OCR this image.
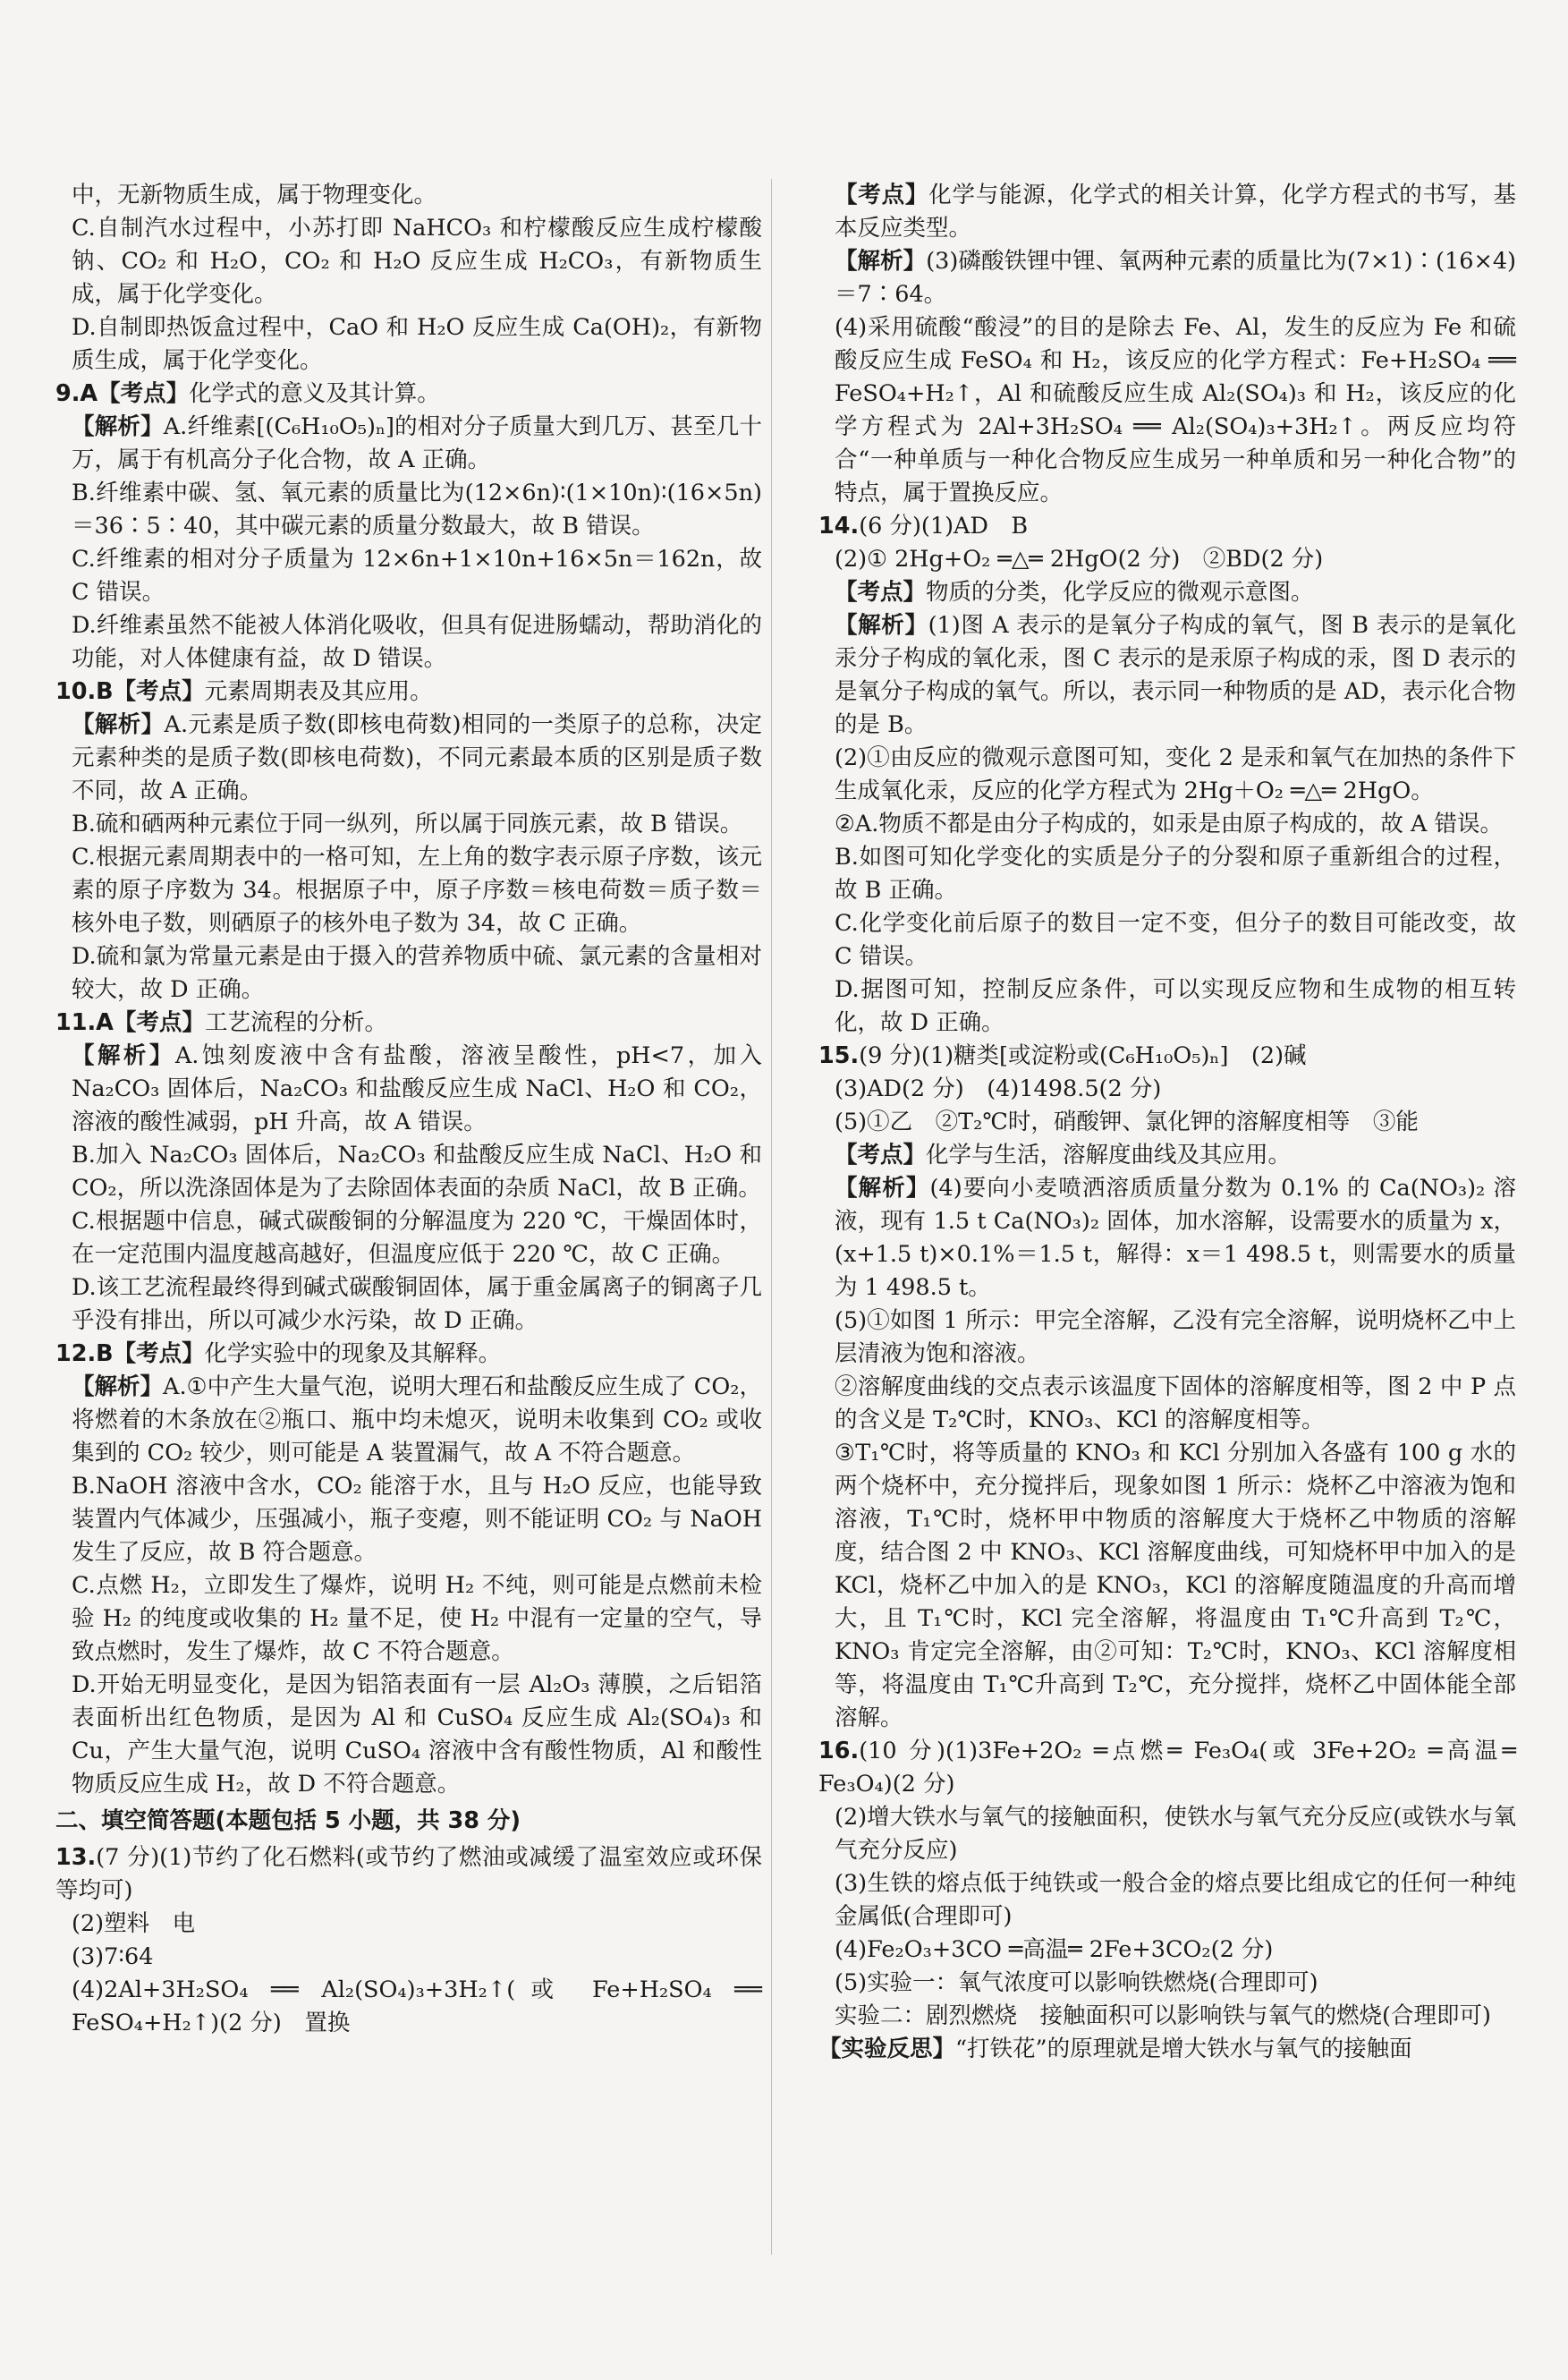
中，无新物质生成，属于物理变化。

C.自制汽水过程中，小苏打即 NaHCO₃ 和柠檬酸反应生成柠檬酸钠、CO₂ 和 H₂O，CO₂ 和 H₂O 反应生成 H₂CO₃，有新物质生成，属于化学变化。

D.自制即热饭盒过程中，CaO 和 H₂O 反应生成 Ca(OH)₂，有新物质生成，属于化学变化。

9.A【考点】化学式的意义及其计算。

【解析】A.纤维素[(C₆H₁₀O₅)ₙ]的相对分子质量大到几万、甚至几十万，属于有机高分子化合物，故 A 正确。

B.纤维素中碳、氢、氧元素的质量比为(12×6n)∶(1×10n)∶(16×5n)＝36∶5∶40，其中碳元素的质量分数最大，故 B 错误。

C.纤维素的相对分子质量为 12×6n+1×10n+16×5n＝162n，故 C 错误。

D.纤维素虽然不能被人体消化吸收，但具有促进肠蠕动，帮助消化的功能，对人体健康有益，故 D 错误。

10.B【考点】元素周期表及其应用。

【解析】A.元素是质子数(即核电荷数)相同的一类原子的总称，决定元素种类的是质子数(即核电荷数)，不同元素最本质的区别是质子数不同，故 A 正确。

B.硫和硒两种元素位于同一纵列，所以属于同族元素，故 B 错误。

C.根据元素周期表中的一格可知，左上角的数字表示原子序数，该元素的原子序数为 34。根据原子中，原子序数＝核电荷数＝质子数＝核外电子数，则硒原子的核外电子数为 34，故 C 正确。

D.硫和氯为常量元素是由于摄入的营养物质中硫、氯元素的含量相对较大，故 D 正确。

11.A【考点】工艺流程的分析。

【解析】A.蚀刻废液中含有盐酸，溶液呈酸性，pH<7，加入 Na₂CO₃ 固体后，Na₂CO₃ 和盐酸反应生成 NaCl、H₂O 和 CO₂，溶液的酸性减弱，pH 升高，故 A 错误。

B.加入 Na₂CO₃ 固体后，Na₂CO₃ 和盐酸反应生成 NaCl、H₂O 和 CO₂，所以洗涤固体是为了去除固体表面的杂质 NaCl，故 B 正确。

C.根据题中信息，碱式碳酸铜的分解温度为 220 ℃，干燥固体时，在一定范围内温度越高越好，但温度应低于 220 ℃，故 C 正确。

D.该工艺流程最终得到碱式碳酸铜固体，属于重金属离子的铜离子几乎没有排出，所以可减少水污染，故 D 正确。

12.B【考点】化学实验中的现象及其解释。

【解析】A.①中产生大量气泡，说明大理石和盐酸反应生成了 CO₂，将燃着的木条放在②瓶口、瓶中均未熄灭，说明未收集到 CO₂ 或收集到的 CO₂ 较少，则可能是 A 装置漏气，故 A 不符合题意。

B.NaOH 溶液中含水，CO₂ 能溶于水，且与 H₂O 反应，也能导致装置内气体减少，压强减小，瓶子变瘪，则不能证明 CO₂ 与 NaOH 发生了反应，故 B 符合题意。

C.点燃 H₂，立即发生了爆炸，说明 H₂ 不纯，则可能是点燃前未检验 H₂ 的纯度或收集的 H₂ 量不足，使 H₂ 中混有一定量的空气，导致点燃时，发生了爆炸，故 C 不符合题意。

D.开始无明显变化，是因为铝箔表面有一层 Al₂O₃ 薄膜，之后铝箔表面析出红色物质，是因为 Al 和 CuSO₄ 反应生成 Al₂(SO₄)₃ 和 Cu，产生大量气泡，说明 CuSO₄ 溶液中含有酸性物质，Al 和酸性物质反应生成 H₂，故 D 不符合题意。

二、填空简答题(本题包括 5 小题，共 38 分)

13.(7 分)(1)节约了化石燃料(或节约了燃油或减缓了温室效应或环保等均可)

(2)塑料　电

(3)7∶64

(4)2Al+3H₂SO₄ ══ Al₂(SO₄)₃+3H₂↑(或 Fe+H₂SO₄ ══ FeSO₄+H₂↑)(2 分)　置换

【考点】化学与能源，化学式的相关计算，化学方程式的书写，基本反应类型。

【解析】(3)磷酸铁锂中锂、氧两种元素的质量比为(7×1)∶(16×4)＝7∶64。

(4)采用硫酸“酸浸”的目的是除去 Fe、Al，发生的反应为 Fe 和硫酸反应生成 FeSO₄ 和 H₂，该反应的化学方程式：Fe+H₂SO₄ ══ FeSO₄+H₂↑，Al 和硫酸反应生成 Al₂(SO₄)₃ 和 H₂，该反应的化学方程式为 2Al+3H₂SO₄ ══ Al₂(SO₄)₃+3H₂↑。两反应均符合“一种单质与一种化合物反应生成另一种单质和另一种化合物”的特点，属于置换反应。

14.(6 分)(1)AD　B

(2)① 2Hg+O₂ ═△═ 2HgO(2 分)　②BD(2 分)

【考点】物质的分类，化学反应的微观示意图。

【解析】(1)图 A 表示的是氧分子构成的氧气，图 B 表示的是氧化汞分子构成的氧化汞，图 C 表示的是汞原子构成的汞，图 D 表示的是氧分子构成的氧气。所以，表示同一种物质的是 AD，表示化合物的是 B。

(2)①由反应的微观示意图可知，变化 2 是汞和氧气在加热的条件下生成氧化汞，反应的化学方程式为 2Hg＋O₂ ═△═ 2HgO。

②A.物质不都是由分子构成的，如汞是由原子构成的，故 A 错误。

B.如图可知化学变化的实质是分子的分裂和原子重新组合的过程，故 B 正确。

C.化学变化前后原子的数目一定不变，但分子的数目可能改变，故 C 错误。

D.据图可知，控制反应条件，可以实现反应物和生成物的相互转化，故 D 正确。

15.(9 分)(1)糖类[或淀粉或(C₆H₁₀O₅)ₙ]　(2)碱

(3)AD(2 分)　(4)1498.5(2 分)

(5)①乙　②T₂℃时，硝酸钾、氯化钾的溶解度相等　③能

【考点】化学与生活，溶解度曲线及其应用。

【解析】(4)要向小麦喷洒溶质质量分数为 0.1% 的 Ca(NO₃)₂ 溶液，现有 1.5 t Ca(NO₃)₂ 固体，加水溶解，设需要水的质量为 x，(x+1.5 t)×0.1%＝1.5 t，解得：x＝1 498.5 t，则需要水的质量为 1 498.5 t。

(5)①如图 1 所示：甲完全溶解，乙没有完全溶解，说明烧杯乙中上层清液为饱和溶液。

②溶解度曲线的交点表示该温度下固体的溶解度相等，图 2 中 P 点的含义是 T₂℃时，KNO₃、KCl 的溶解度相等。

③T₁℃时，将等质量的 KNO₃ 和 KCl 分别加入各盛有 100 g 水的两个烧杯中，充分搅拌后，现象如图 1 所示：烧杯乙中溶液为饱和溶液，T₁℃时，烧杯甲中物质的溶解度大于烧杯乙中物质的溶解度，结合图 2 中 KNO₃、KCl 溶解度曲线，可知烧杯甲中加入的是 KCl，烧杯乙中加入的是 KNO₃，KCl 的溶解度随温度的升高而增大，且 T₁℃时，KCl 完全溶解，将温度由 T₁℃升高到 T₂℃，KNO₃ 肯定完全溶解，由②可知：T₂℃时，KNO₃、KCl 溶解度相等，将温度由 T₁℃升高到 T₂℃，充分搅拌，烧杯乙中固体能全部溶解。

16.(10 分)(1)3Fe+2O₂ ═点燃═ Fe₃O₄(或 3Fe+2O₂ ═高温═ Fe₃O₄)(2 分)

(2)增大铁水与氧气的接触面积，使铁水与氧气充分反应(或铁水与氧气充分反应)

(3)生铁的熔点低于纯铁或一般合金的熔点要比组成它的任何一种纯金属低(合理即可)

(4)Fe₂O₃+3CO ═高温═ 2Fe+3CO₂(2 分)

(5)实验一：氧气浓度可以影响铁燃烧(合理即可)

实验二：剧烈燃烧　接触面积可以影响铁与氧气的燃烧(合理即可)

【实验反思】“打铁花”的原理就是增大铁水与氧气的接触面
